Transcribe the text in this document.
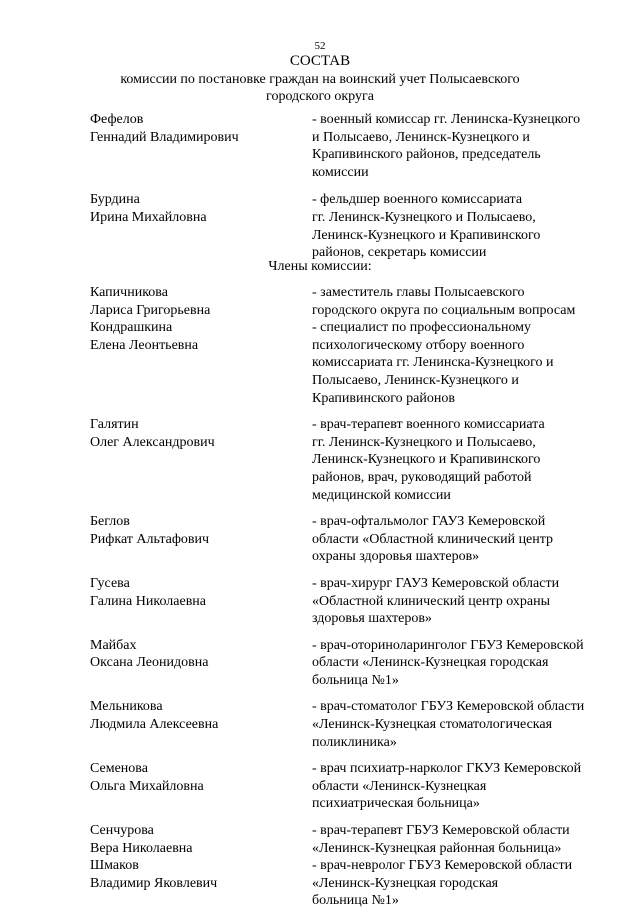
52
СОСТАВ
комиссии по постановке граждан на воинский учет Полысаевского городского округа
Фефелов
Геннадий Владимирович
- военный комиссар гг. Ленинска-Кузнецкого
и Полысаево, Ленинск-Кузнецкого и
Крапивинского районов, председатель
комиссии
Бурдина
Ирина Михайловна
- фельдшер военного комиссариата
гг. Ленинск-Кузнецкого и Полысаево,
Ленинск-Кузнецкого и Крапивинского
районов, секретарь комиссии
Члены комиссии:
Капичникова
Лариса Григорьевна
- заместитель главы Полысаевского
городского округа по социальным вопросам
Кондрашкина
Елена Леонтьевна
- специалист по профессиональному
психологическому отбору военного
комиссариата гг. Ленинска-Кузнецкого и
Полысаево, Ленинск-Кузнецкого и
Крапивинского районов
Галятин
Олег Александрович
- врач-терапевт военного комиссариата
гг. Ленинск-Кузнецкого и Полысаево,
Ленинск-Кузнецкого и Крапивинского
районов, врач, руководящий работой
медицинской комиссии
Беглов
Рифкат Альтафович
- врач-офтальмолог ГАУЗ Кемеровской
области «Областной клинический центр
охраны здоровья шахтеров»
Гусева
Галина Николаевна
- врач-хирург ГАУЗ Кемеровской области
«Областной клинический центр охраны
здоровья шахтеров»
Майбах
Оксана Леонидовна
- врач-оториноларинголог ГБУЗ Кемеровской
области «Ленинск-Кузнецкая городская
больница №1»
Мельникова
Людмила Алексеевна
- врач-стоматолог ГБУЗ Кемеровской области
«Ленинск-Кузнецкая стоматологическая
поликлиника»
Семенова
Ольга Михайловна
- врач психиатр-нарколог ГКУЗ Кемеровской
области «Ленинск-Кузнецкая
психиатрическая больница»
Сенчурова
Вера Николаевна
- врач-терапевт ГБУЗ Кемеровской области
«Ленинск-Кузнецкая районная больница»
Шмаков
Владимир Яковлевич
- врач-невролог ГБУЗ Кемеровской области
«Ленинск-Кузнецкая городская
больница №1»
